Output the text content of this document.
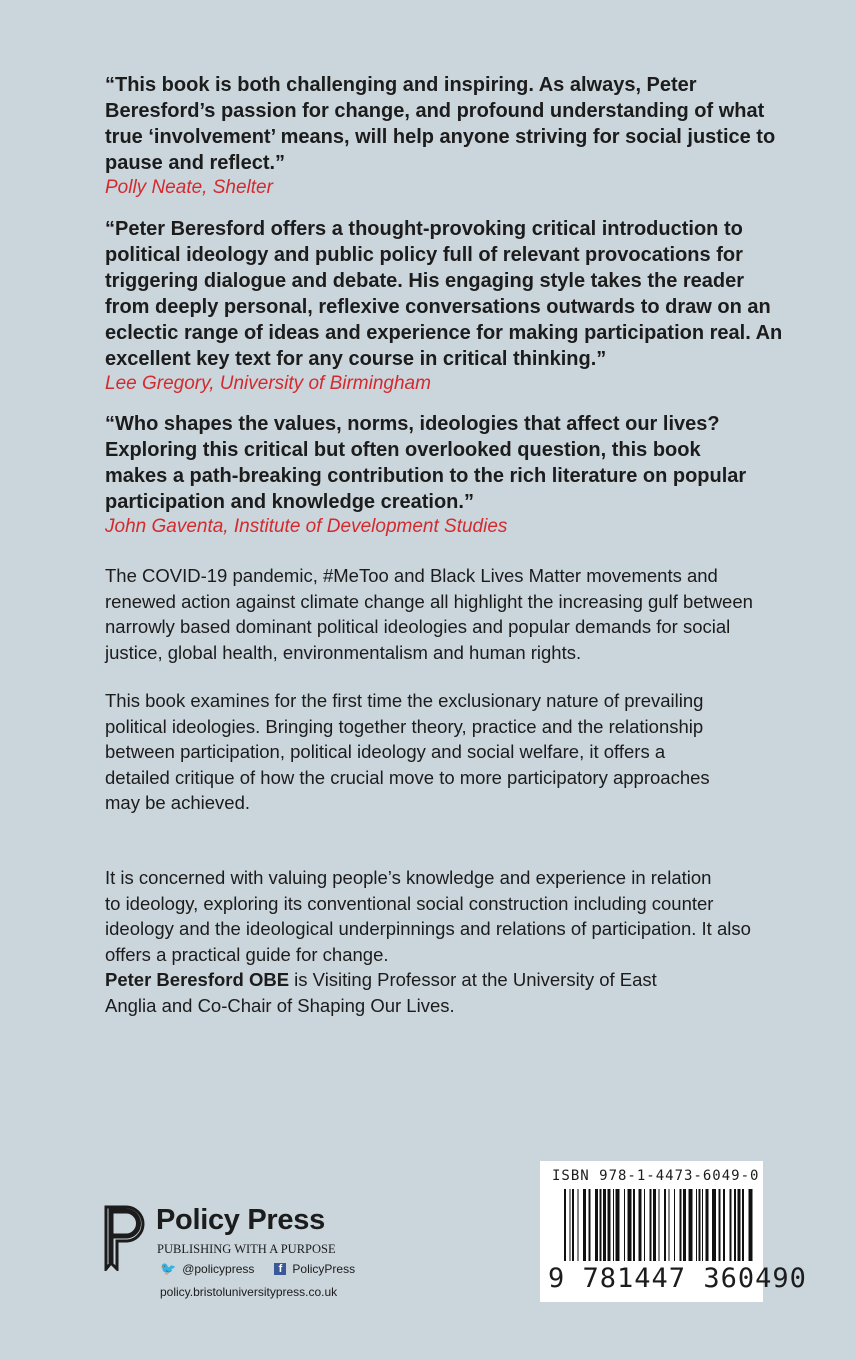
“This book is both challenging and inspiring. As always, Peter
Beresford’s passion for change, and profound understanding of what
true ‘involvement’ means, will help anyone striving for social justice to
pause and reflect.”
Polly Neate, Shelter
“Peter Beresford offers a thought-provoking critical introduction to
political ideology and public policy full of relevant provocations for
triggering dialogue and debate. His engaging style takes the reader
from deeply personal, reflexive conversations outwards to draw on an
eclectic range of ideas and experience for making participation real. An
excellent key text for any course in critical thinking.”
Lee Gregory, University of Birmingham
“Who shapes the values, norms, ideologies that affect our lives?
Exploring this critical but often overlooked question, this book
makes a path-breaking contribution to the rich literature on popular
participation and knowledge creation.”
John Gaventa, Institute of Development Studies
The COVID-19 pandemic, #MeToo and Black Lives Matter movements and
renewed action against climate change all highlight the increasing gulf between
narrowly based dominant political ideologies and popular demands for social
justice, global health, environmentalism and human rights.
This book examines for the first time the exclusionary nature of prevailing
political ideologies. Bringing together theory, practice and the relationship
between participation, political ideology and social welfare, it offers a
detailed critique of how the crucial move to more participatory approaches
may be achieved.
It is concerned with valuing people’s knowledge and experience in relation
to ideology, exploring its conventional social construction including counter
ideology and the ideological underpinnings and relations of participation. It also
offers a practical guide for change.
Peter Beresford OBE is Visiting Professor at the University of East
Anglia and Co-Chair of Shaping Our Lives.
Policy Press
PUBLISHING WITH A PURPOSE
🐦 @policypress	f PolicyPress
policy.bristoluniversitypress.co.uk
ISBN 978-1-4473-6049-0
9 781447 360490
